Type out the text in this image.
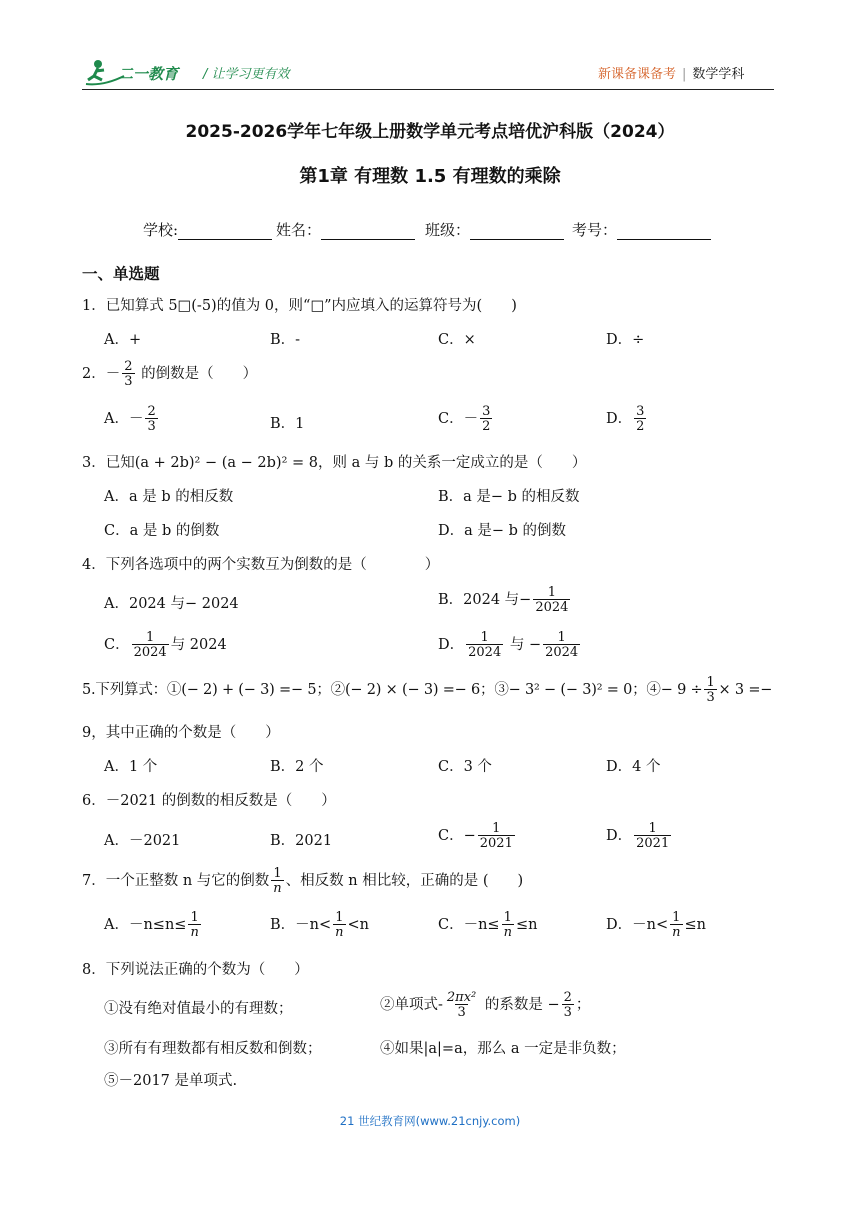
二一教育 / 让学习更有效	新课备课备考 | 数学学科
2025-2026学年七年级上册数学单元考点培优沪科版（2024）
第1章 有理数 1.5 有理数的乘除
学校:	姓名：	班级：	考号：
一、单选题
1．已知算式 5□(-5)的值为 0，则“□”内应填入的运算符号为(　　)
A．+	B．-	C．×	D．÷
2．－ $\frac{2}{3}$ 的倒数是（　　）
A．－ $\frac{2}{3}$	B．1	C．－ $\frac{3}{2}$	D． $\frac{3}{2}$
3．已知(a + 2b)² − (a − 2b)² = 8，则 a 与 b 的关系一定成立的是（　　）
A．a 是 b 的相反数	B．a 是− b 的相反数
C．a 是 b 的倒数	D．a 是− b 的倒数
4．下列各选项中的两个实数互为倒数的是（　　　　）
A．2024 与− 2024	B．2024 与− $\frac{1}{2024}$
C． $\frac{1}{2024}$ 与 2024	D． $\frac{1}{2024}$ 与 − $\frac{1}{2024}$
5.下列算式：①(− 2) + (− 3) =− 5；②(− 2) × (− 3) =− 6；③− 3² − (− 3)² = 0；④− $9 \div \frac{1}{3} \times 3$ =−
9，其中正确的个数是（　　）
A．1 个	B．2 个	C．3 个	D．4 个
6．－2021 的倒数的相反数是（　　）
A．－2021	B．2021	C．− $\frac{1}{2021}$	D． $\frac{1}{2021}$
7．一个正整数 n 与它的倒数 $\frac{1}{n}$ 、相反数 n 相比较，正确的是 (　　)
A．$-n\le n\le \frac{1}{n}$	B．$-n< \frac{1}{n} <n$	C．$-n\le \frac{1}{n} \le n$	D．$-n< \frac{1}{n} \le n$
8．下列说法正确的个数为（　　）
①没有绝对值最小的有理数；	②单项式- $\frac{\text{2πx²}}{3}$ 的系数是 − $\frac{2}{3}$ ；
③所有有理数都有相反数和倒数；	④如果|a|=a，那么 a 一定是非负数；
⑤－2017 是单项式.
21 世纪教育网(www.21cnjy.com)
